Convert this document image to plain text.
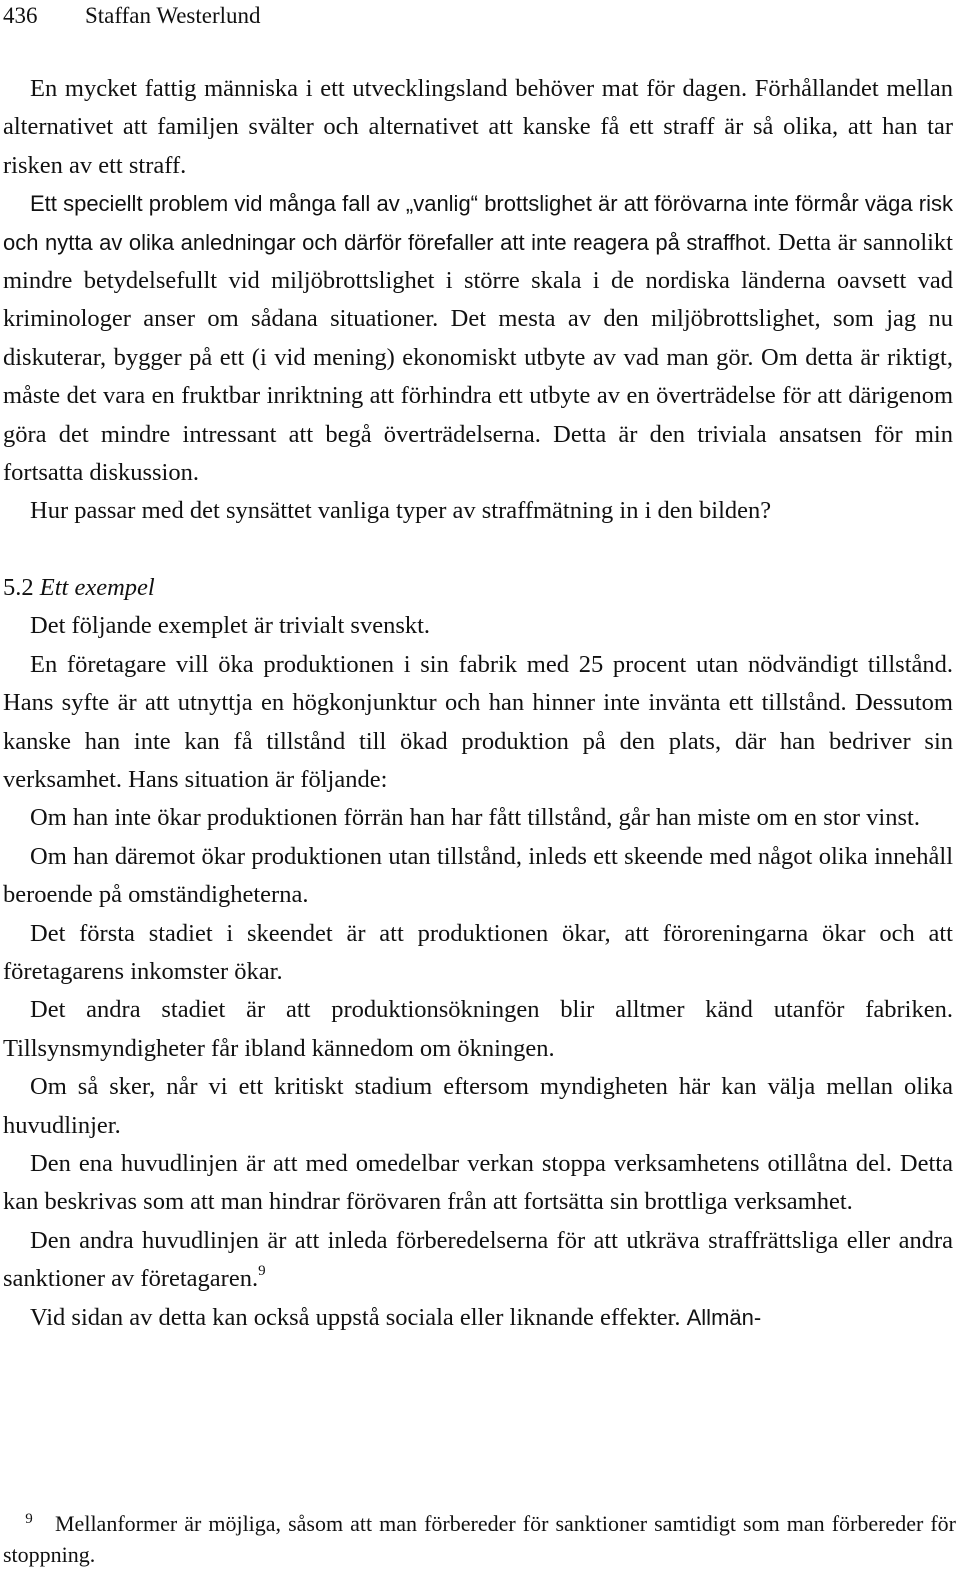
436 Staffan Westerlund

En mycket fattig människa i ett utvecklingsland behöver mat för dagen. Förhållandet mellan alternativet att familjen svälter och alternativet att kanske få ett straff är så olika, att han tar risken av ett straff.

Ett speciellt problem vid många fall av „vanlig“ brottslighet är att förövarna inte förmår väga risk och nytta av olika anledningar och därför förefaller att inte reagera på straffhot. Detta är sannolikt mindre betydelsefullt vid miljöbrottslighet i större skala i de nordiska länderna oavsett vad kriminologer anser om sådana situationer. Det mesta av den miljöbrottslighet, som jag nu diskuterar, bygger på ett (i vid mening) ekonomiskt utbyte av vad man gör. Om detta är riktigt, måste det vara en fruktbar inriktning att förhindra ett utbyte av en överträdelse för att därigenom göra det mindre intressant att begå överträdelserna. Detta är den triviala ansatsen för min fortsatta diskussion.

Hur passar med det synsättet vanliga typer av straffmätning in i den bilden?

5.2 Ett exempel

Det följande exemplet är trivialt svenskt.

En företagare vill öka produktionen i sin fabrik med 25 procent utan nödvändigt tillstånd. Hans syfte är att utnyttja en högkonjunktur och han hinner inte invänta ett tillstånd. Dessutom kanske han inte kan få tillstånd till ökad produktion på den plats, där han bedriver sin verksamhet. Hans situation är följande:

Om han inte ökar produktionen förrän han har fått tillstånd, går han miste om en stor vinst.

Om han däremot ökar produktionen utan tillstånd, inleds ett skeende med något olika innehåll beroende på omständigheterna.

Det första stadiet i skeendet är att produktionen ökar, att föroreningarna ökar och att företagarens inkomster ökar.

Det andra stadiet är att produktionsökningen blir alltmer känd utanför fabriken. Tillsynsmyndigheter får ibland kännedom om ökningen.

Om så sker, når vi ett kritiskt stadium eftersom myndigheten här kan välja mellan olika huvudlinjer.

Den ena huvudlinjen är att med omedelbar verkan stoppa verksamhetens otillåtna del. Detta kan beskrivas som att man hindrar förövaren från att fortsätta sin brottliga verksamhet.

Den andra huvudlinjen är att inleda förberedelserna för att utkräva straffrättsliga eller andra sanktioner av företagaren.$^9$

Vid sidan av detta kan också uppstå sociala eller liknande effekter. Allmän-

9 Mellanformer är möjliga, såsom att man förbereder för sanktioner samtidigt som man förbereder för stoppning.
